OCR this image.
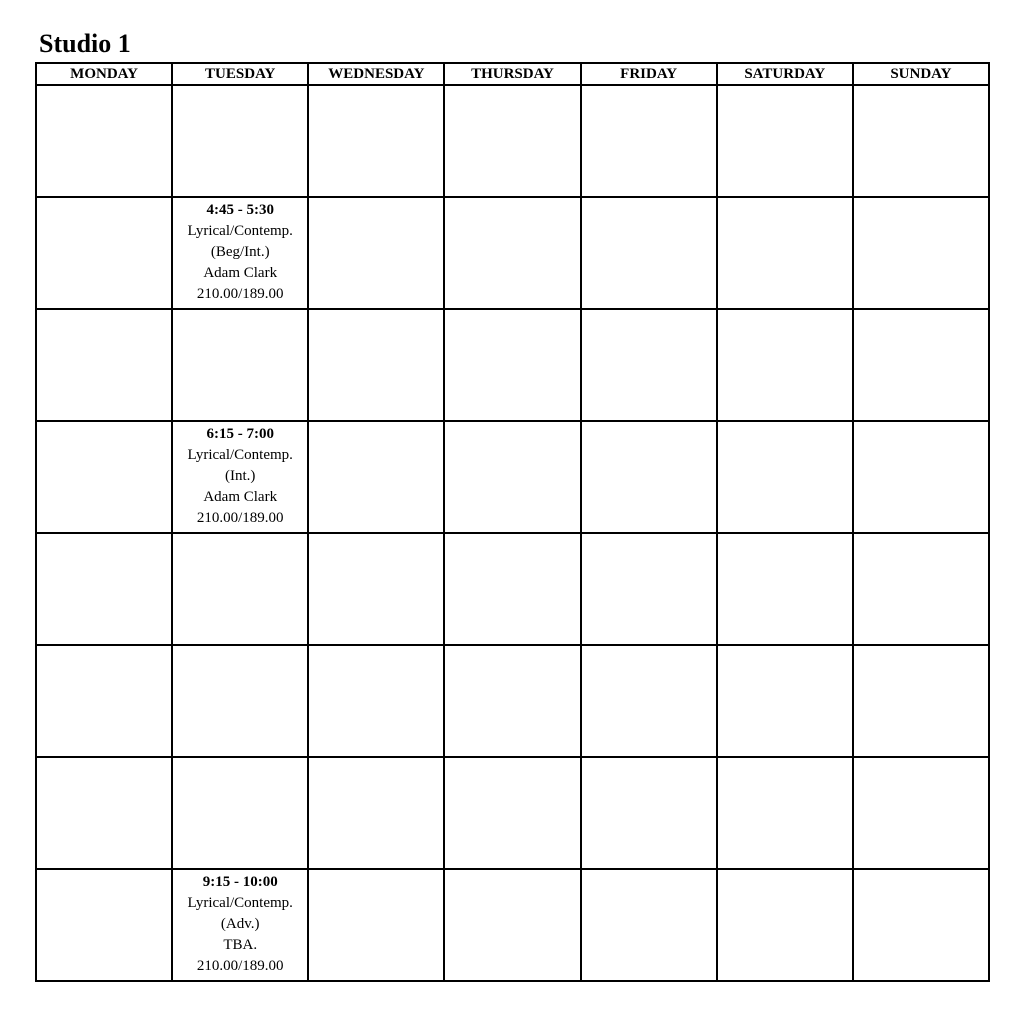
Studio 1
MONDAY	TUESDAY	WEDNESDAY	THURSDAY	FRIDAY	SATURDAY	SUNDAY

	4:45 - 5:30
Lyrical/Contemp.
(Beg/Int.)
Adam Clark
210.00/189.00					

	6:15 - 7:00
Lyrical/Contemp.
(Int.)
Adam Clark
210.00/189.00					

	9:15 - 10:00
Lyrical/Contemp.
(Adv.)
TBA.
210.00/189.00					
